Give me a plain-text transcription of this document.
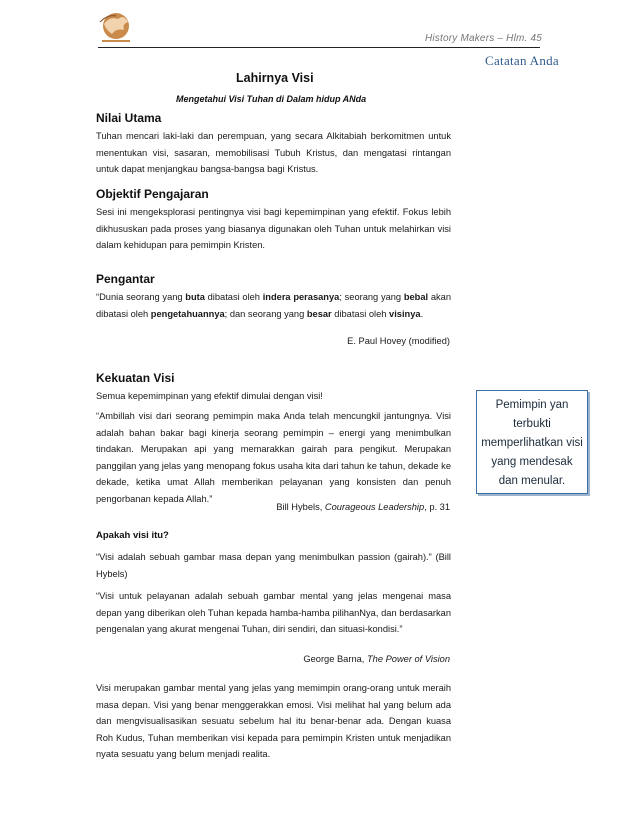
History Makers – Hlm. 45
Catatan Anda
Lahirnya Visi
Mengetahui Visi Tuhan di Dalam hidup ANda
Nilai Utama
Tuhan mencari laki-laki dan perempuan, yang secara Alkitabiah berkomitmen untuk menentukan visi, sasaran, memobilisasi Tubuh Kristus, dan mengatasi rintangan untuk dapat menjangkau bangsa-bangsa bagi Kristus.
Objektif Pengajaran
Sesi ini mengeksplorasi pentingnya visi bagi kepemimpinan yang efektif. Fokus lebih dikhususkan pada proses yang biasanya digunakan oleh Tuhan untuk melahirkan visi dalam kehidupan para pemimpin Kristen.
Pengantar
“Dunia seorang yang buta dibatasi oleh indera perasanya; seorang yang bebal akan dibatasi oleh pengetahuannya; dan seorang yang besar dibatasi oleh visinya.
E. Paul Hovey (modified)
Kekuatan Visi
Semua kepemimpinan yang efektif dimulai dengan visi!
“Ambillah visi dari seorang pemimpin maka Anda telah mencungkil jantungnya. Visi adalah bahan bakar bagi kinerja seorang pemimpin – energi yang menimbulkan tindakan. Merupakan api yang memarakkan gairah para pengikut. Merupakan panggilan yang jelas yang menopang fokus usaha kita dari tahun ke tahun, dekade ke dekade, ketika umat Allah memberikan pelayanan yang konsisten dan penuh pengorbanan kepada Allah.”
Bill Hybels, Courageous Leadership, p. 31
Apakah visi itu?
“Visi adalah sebuah gambar masa depan yang menimbulkan passion (gairah).” (Bill Hybels)
“Visi untuk pelayanan adalah sebuah gambar mental yang jelas mengenai masa depan yang diberikan oleh Tuhan kepada hamba-hamba pilihanNya, dan berdasarkan pengenalan yang akurat mengenai Tuhan, diri sendiri, dan situasi-kondisi.”
George Barna, The Power of Vision
Visi merupakan gambar mental yang jelas yang memimpin orang-orang untuk meraih masa depan. Visi yang benar menggerakkan emosi. Visi melihat hal yang belum ada dan mengvisualisasikan sesuatu sebelum hal itu benar-benar ada. Dengan kuasa Roh Kudus, Tuhan memberikan visi kepada para pemimpin Kristen untuk menjadikan nyata sesuatu yang belum menjadi realita.
Pemimpin yan terbukti memperlihatkan visi yang mendesak dan menular.
